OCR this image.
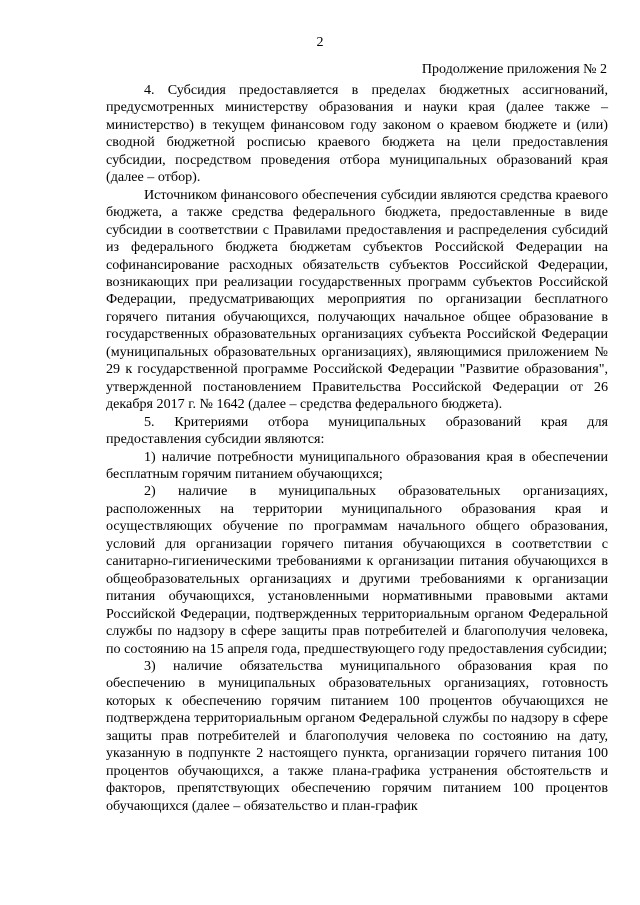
2
Продолжение приложения № 2

4. Субсидия предоставляется в пределах бюджетных ассигнований, предусмотренных министерству образования и науки края (далее также – министерство) в текущем финансовом году законом о краевом бюджете и (или) сводной бюджетной росписью краевого бюджета на цели предоставления субсидии, посредством проведения отбора муниципальных образований края (далее – отбор).

Источником финансового обеспечения субсидии являются средства краевого бюджета, а также средства федерального бюджета, предоставленные в виде субсидии в соответствии с Правилами предоставления и распределения субсидий из федерального бюджета бюджетам субъектов Российской Федерации на софинансирование расходных обязательств субъектов Российской Федерации, возникающих при реализации государственных программ субъектов Российской Федерации, предусматривающих мероприятия по организации бесплатного горячего питания обучающихся, получающих начальное общее образование в государственных образовательных организациях субъекта Российской Федерации (муниципальных образовательных организациях), являющимися приложением № 29 к государственной программе Российской Федерации "Развитие образования", утвержденной постановлением Правительства Российской Федерации от 26 декабря 2017 г. № 1642 (далее – средства федерального бюджета).

5. Критериями отбора муниципальных образований края для предоставления субсидии являются:

1) наличие потребности муниципального образования края в обеспечении бесплатным горячим питанием обучающихся;

2) наличие в муниципальных образовательных организациях, расположенных на территории муниципального образования края и осуществляющих обучение по программам начального общего образования, условий для организации горячего питания обучающихся в соответствии с санитарно-гигиеническими требованиями к организации питания обучающихся в общеобразовательных организациях и другими требованиями к организации питания обучающихся, установленными нормативными правовыми актами Российской Федерации, подтвержденных территориальным органом Федеральной службы по надзору в сфере защиты прав потребителей и благополучия человека, по состоянию на 15 апреля года, предшествующего году предоставления субсидии;

3) наличие обязательства муниципального образования края по обеспечению в муниципальных образовательных организациях, готовность которых к обеспечению горячим питанием 100 процентов обучающихся не подтверждена территориальным органом Федеральной службы по надзору в сфере защиты прав потребителей и благополучия человека по состоянию на дату, указанную в подпункте 2 настоящего пункта, организации горячего питания 100 процентов обучающихся, а также плана-графика устранения обстоятельств и факторов, препятствующих обеспечению горячим питанием 100 процентов обучающихся (далее – обязательство и план-график
